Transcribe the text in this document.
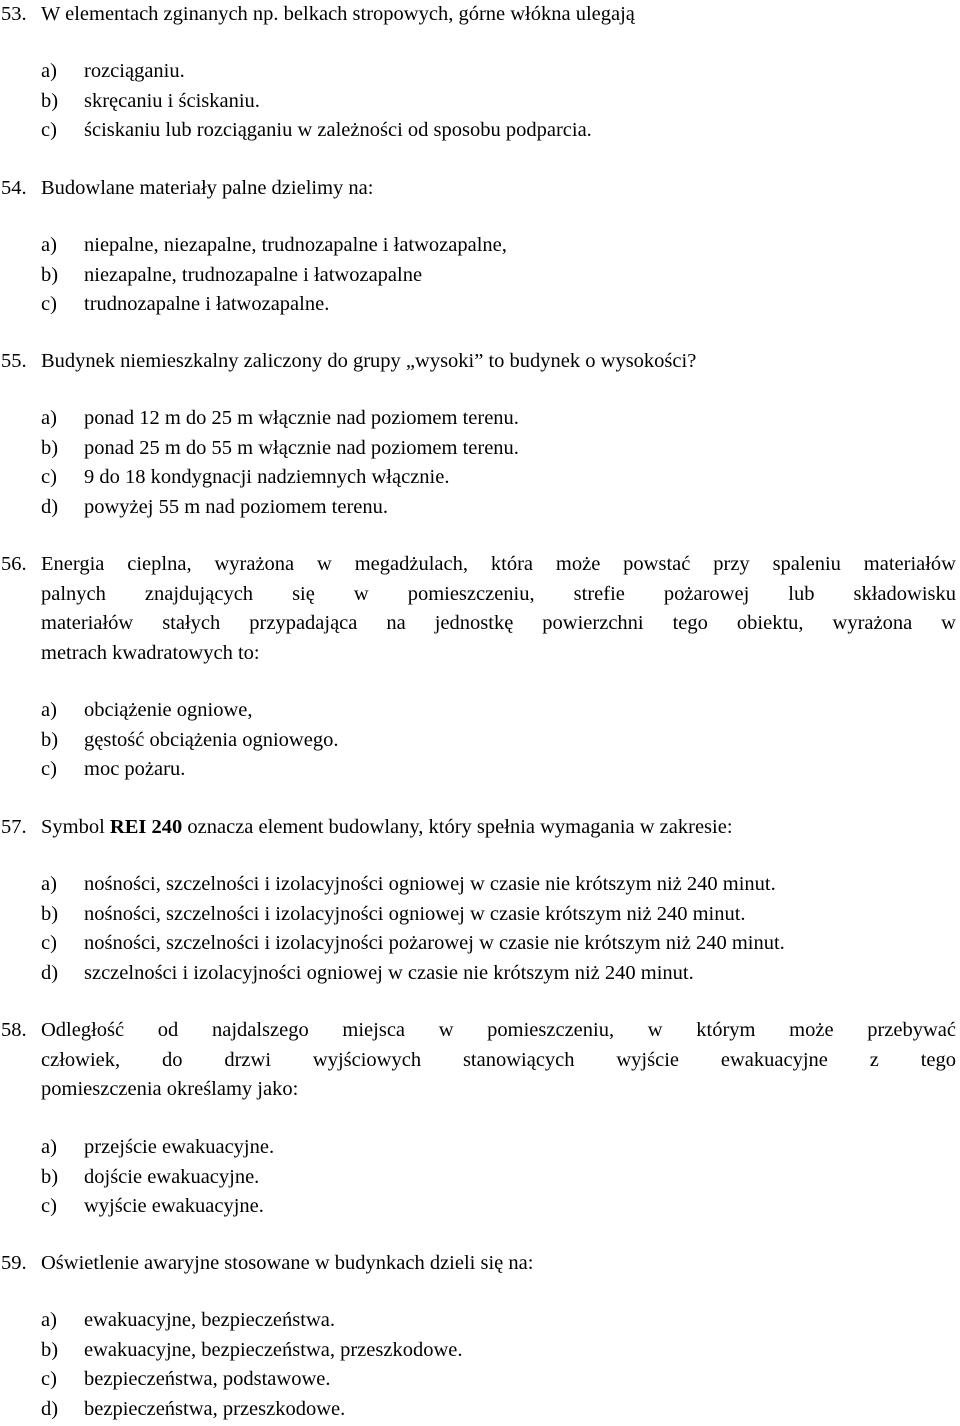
53. W elementach zginanych np. belkach stropowych, górne włókna ulegają
a) rozciąganiu.
b) skręcaniu i ściskaniu.
c) ściskaniu lub rozciąganiu w zależności od sposobu podparcia.
54. Budowlane materiały palne dzielimy na:
a) niepalne, niezapalne, trudnozapalne i łatwozapalne,
b) niezapalne, trudnozapalne i łatwozapalne
c) trudnozapalne i łatwozapalne.
55. Budynek niemieszkalny zaliczony do grupy „wysoki” to budynek o wysokości?
a) ponad 12 m do 25 m włącznie nad poziomem terenu.
b) ponad 25 m do 55 m włącznie nad poziomem terenu.
c) 9 do 18 kondygnacji nadziemnych włącznie.
d) powyżej 55 m nad poziomem terenu.
56. Energia cieplna, wyrażona w megadżulach, która może powstać przy spaleniu materiałów
palnych znajdujących się w pomieszczeniu, strefie pożarowej lub składowisku
materiałów stałych przypadająca na jednostkę powierzchni tego obiektu, wyrażona w
metrach kwadratowych to:
a) obciążenie ogniowe,
b) gęstość obciążenia ogniowego.
c) moc pożaru.
57. Symbol REI 240 oznacza element budowlany, który spełnia wymagania w zakresie:
a) nośności, szczelności i izolacyjności ogniowej w czasie nie krótszym niż 240 minut.
b) nośności, szczelności i izolacyjności ogniowej w czasie krótszym niż 240 minut.
c) nośności, szczelności i izolacyjności pożarowej w czasie nie krótszym niż 240 minut.
d) szczelności i izolacyjności ogniowej w czasie nie krótszym niż 240 minut.
58. Odległość od najdalszego miejsca w pomieszczeniu, w którym może przebywać
człowiek, do drzwi wyjściowych stanowiących wyjście ewakuacyjne z tego
pomieszczenia określamy jako:
a) przejście ewakuacyjne.
b) dojście ewakuacyjne.
c) wyjście ewakuacyjne.
59. Oświetlenie awaryjne stosowane w budynkach dzieli się na:
a) ewakuacyjne, bezpieczeństwa.
b) ewakuacyjne, bezpieczeństwa, przeszkodowe.
c) bezpieczeństwa, podstawowe.
d) bezpieczeństwa, przeszkodowe.
